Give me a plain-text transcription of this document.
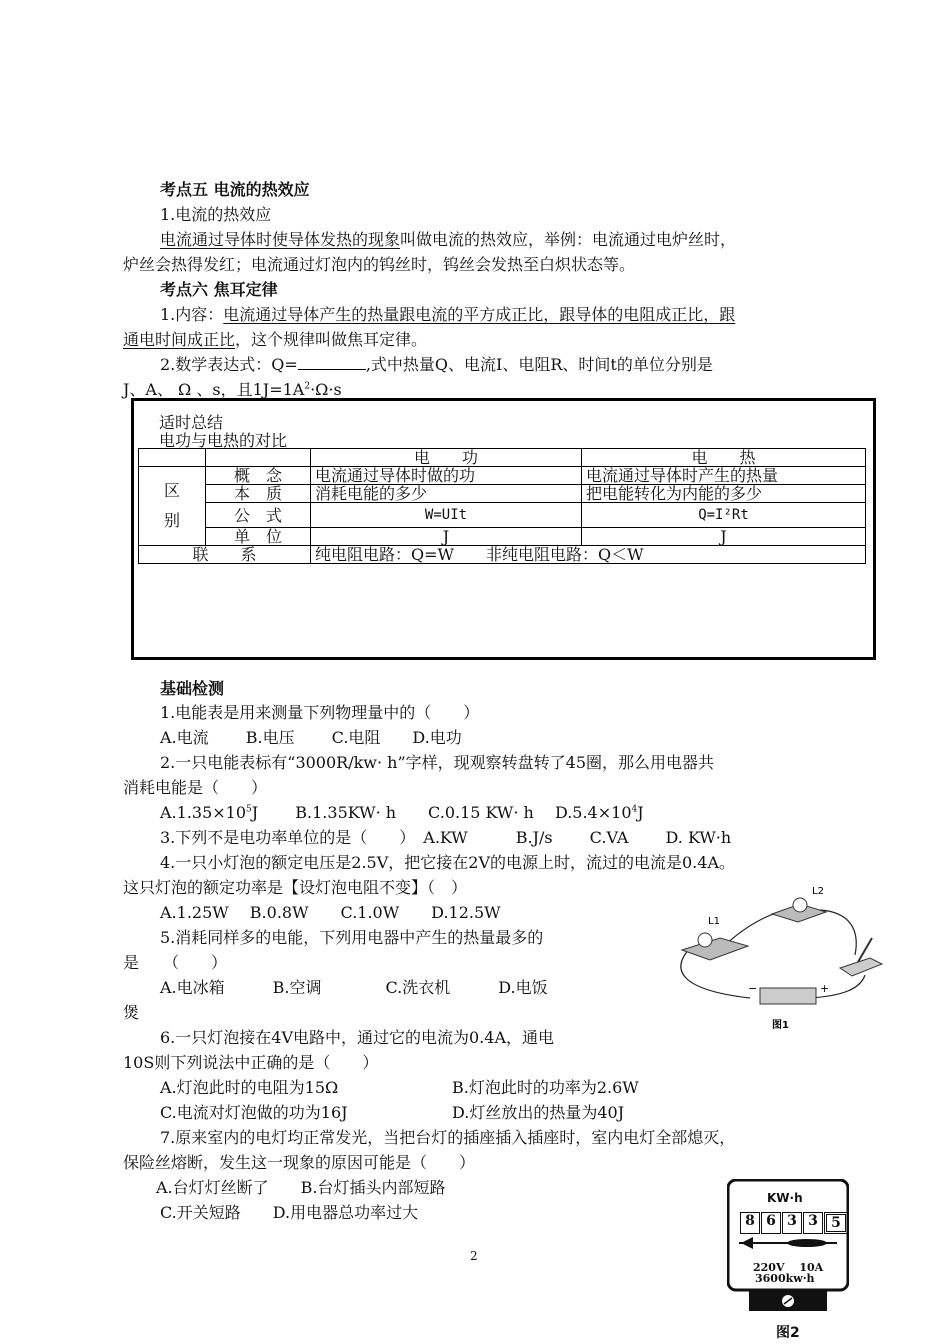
考点五 电流的热效应
1.电流的热效应
电流通过导体时使导体发热的现象叫做电流的热效应，举例：电流通过电炉丝时，
炉丝会热得发红；电流通过灯泡内的钨丝时，钨丝会发热至白炽状态等。
考点六 焦耳定律
1.内容：电流通过导体产生的热量跟电流的平方成正比，跟导体的电阻成正比，跟
通电时间成正比，这个规律叫做焦耳定律。
2.数学表达式：Q=	,式中热量Q、电流I、电阻R、时间t的单位分别是
J、A、 Ω 、s，且$1J=1A^2\cdot\Omega\cdot s$
适时总结
电功与电热的对比
		电　　功	电　　热

区
别	概　念	电流通过导体时做的功	电流通过导体时产生的热量
	本　质	消耗电能的多少	把电能转化为内能的多少
	公　式	W=UIt	Q=I²Rt
	单　位	J	J
联　　系		纯电阻电路：Q=W　　非纯电阻电路：Q＜W	
基础检测
1.电能表是用来测量下列物理量中的（　　）
A.电流　　 B.电压　　 C.电阻　　D.电功
2.一只电能表标有“3000R/kw· h”字样，现观察转盘转了45圈，那么用电器共
消耗电能是（　　）
$A.1.35\times 10^5J$　　 B.1.35KW· h　　C.0.15 KW· h　 $D.5.4\times 10^4J$
3.下列不是电功率单位的是（　　）　A.KW　　　B.J/s　　 C.VA　　 D. KW·h
4.一只小灯泡的额定电压是2.5V，把它接在2V的电源上时，流过的电流是0.4A。
这只灯泡的额定功率是【设灯泡电阻不变】（　）
A.1.25W　 B.0.8W　　C.1.0W　　D.12.5W
5.消耗同样多的电能，下列用电器中产生的热量最多的
是　　（　　）
A.电冰箱　　　B.空调　　　　C.洗衣机　　　D.电饭
煲
6.一只灯泡接在4V电路中，通过它的电流为0.4A，通电
10S则下列说法中正确的是（　　）
A.灯泡此时的电阻为15Ω	B.灯泡此时的功率为2.6W
C.电流对灯泡做的功为16J	D.灯丝放出的热量为40J
7.原来室内的电灯均正常发光，当把台灯的插座插入插座时，室内电灯全部熄灭，
保险丝熔断，发生这一现象的原因可能是（　　）
A.台灯灯丝断了　　B.台灯插头内部短路
C.开关短路　　D.用电器总功率过大
2
L1
L2
−	+
图1
KW·h
8 6 3 3 5
220V　 10A
3600kw·h
图2
